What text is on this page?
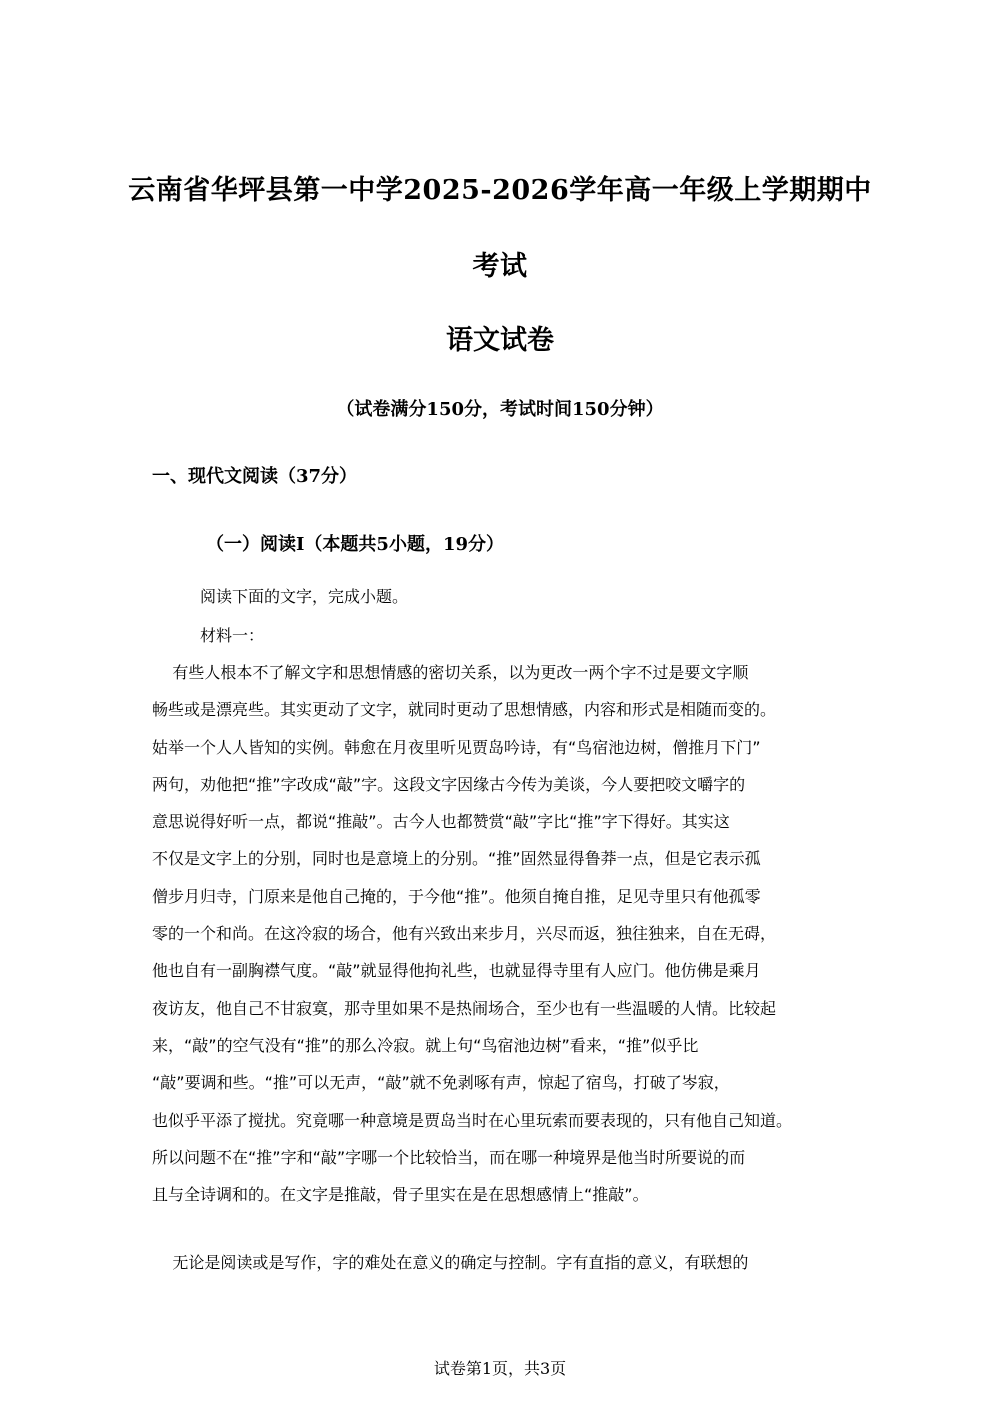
云南省华坪县第一中学2025-2026学年高一年级上学期期中
考试
语文试卷

（试卷满分150分，考试时间150分钟）

一、现代文阅读（37分）

（一）阅读Ⅰ（本题共5小题，19分）

阅读下面的文字，完成小题。

材料一：

有些人根本不了解文字和思想情感的密切关系，以为更改一两个字不过是要文字顺
畅些或是漂亮些。其实更动了文字，就同时更动了思想情感，内容和形式是相随而变的。
姑举一个人人皆知的实例。韩愈在月夜里听见贾岛吟诗，有“鸟宿池边树，僧推月下门”
两句，劝他把“推”字改成“敲”字。这段文字因缘古今传为美谈，今人要把咬文嚼字的
意思说得好听一点，都说“推敲”。古今人也都赞赏“敲”字比“推”字下得好。其实这
不仅是文字上的分别，同时也是意境上的分别。“推”固然显得鲁莽一点，但是它表示孤
僧步月归寺，门原来是他自己掩的，于今他“推”。他须自掩自推，足见寺里只有他孤零
零的一个和尚。在这冷寂的场合，他有兴致出来步月，兴尽而返，独往独来，自在无碍，
他也自有一副胸襟气度。“敲”就显得他拘礼些，也就显得寺里有人应门。他仿佛是乘月
夜访友，他自己不甘寂寞，那寺里如果不是热闹场合，至少也有一些温暖的人情。比较起
来，“敲”的空气没有“推”的那么冷寂。就上句“鸟宿池边树”看来，“推”似乎比
“敲”要调和些。“推”可以无声，“敲”就不免剥啄有声，惊起了宿鸟，打破了岑寂，
也似乎平添了搅扰。究竟哪一种意境是贾岛当时在心里玩索而要表现的，只有他自己知道。
所以问题不在“推”字和“敲”字哪一个比较恰当，而在哪一种境界是他当时所要说的而
且与全诗调和的。在文字是推敲，骨子里实在是在思想感情上“推敲”。
无论是阅读或是写作，字的难处在意义的确定与控制。字有直指的意义，有联想的

试卷第1页，共3页
